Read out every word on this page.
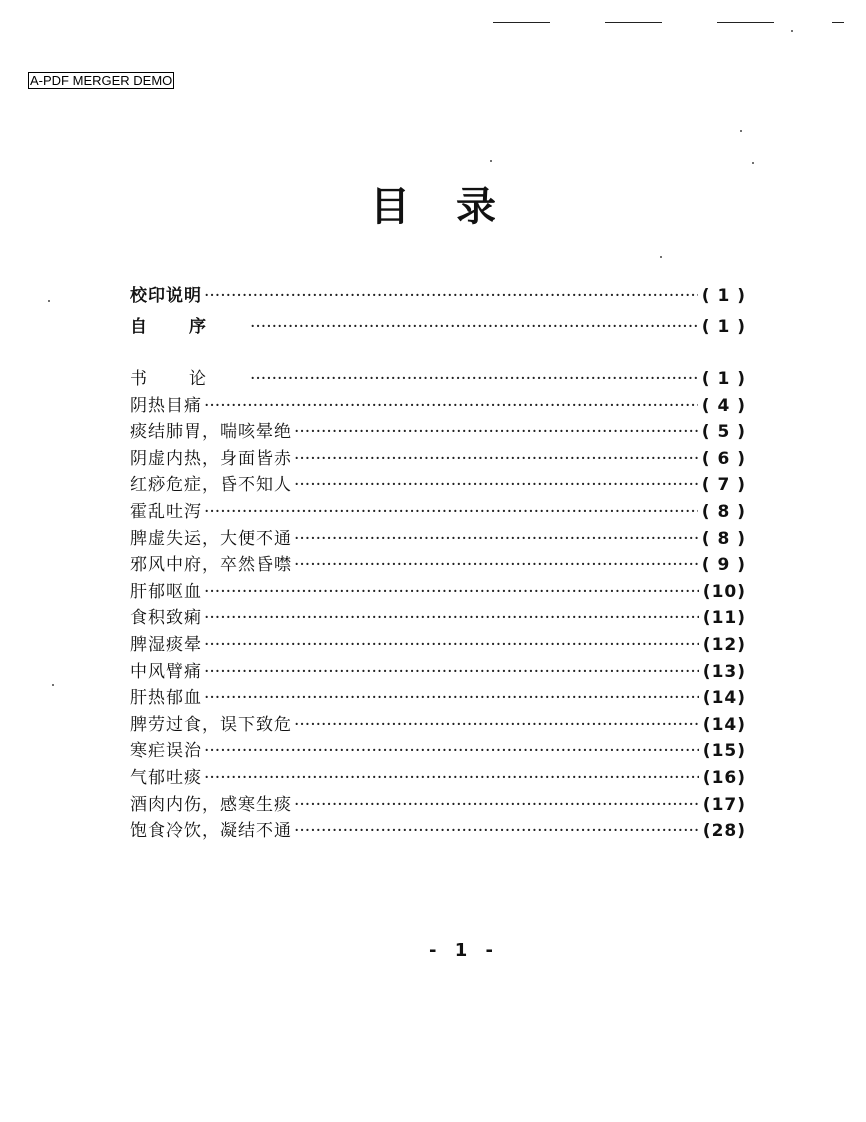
A-PDF MERGER DEMO
目录
校印说明 ·····	( 1 )
自序 ·····	( 1 )
书论 ·····	( 1 )
阴热目痛 ·····	( 4 )
痰结肺胃，喘咳晕绝 ·····	( 5 )
阴虚内热，身面皆赤 ·····	( 6 )
红痧危症，昏不知人 ·····	( 7 )
霍乱吐泻 ·····	( 8 )
脾虚失运，大便不通 ·····	( 8 )
邪风中府，卒然昏噤 ·····	( 9 )
肝郁呕血 ·····	(10)
食积致痢 ·····	(11)
脾湿痰晕 ·····	(12)
中风臂痛 ·····	(13)
肝热郁血 ·····	(14)
脾劳过食，误下致危 ·····	(14)
寒疟误治 ·····	(15)
气郁吐痰 ·····	(16)
酒肉内伤，感寒生痰 ·····	(17)
饱食冷饮，凝结不通 ·····	(28)
- 1 -
